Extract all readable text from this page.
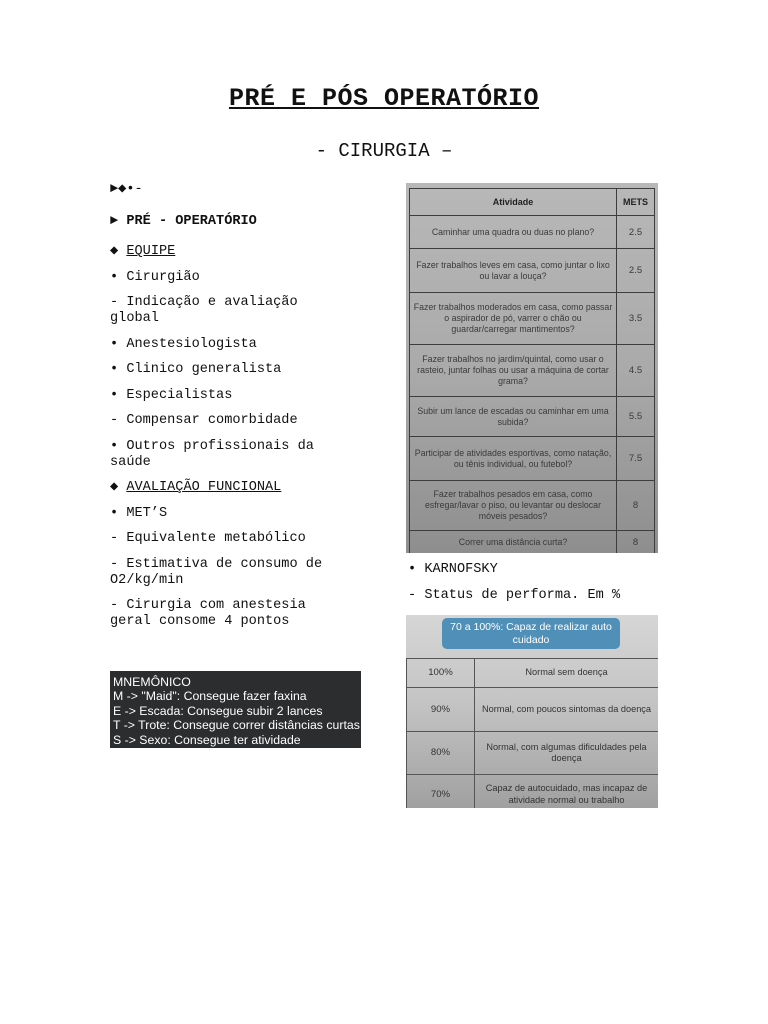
PRÉ E PÓS OPERATÓRIO
- CIRURGIA –

►◆•-

► PRÉ - OPERATÓRIO

◆ EQUIPE

• Cirurgião

- Indicação e avaliação global

• Anestesiologista

• Clinico generalista

• Especialistas

- Compensar comorbidade

• Outros profissionais da saúde

◆ AVALIAÇÃO FUNCIONAL

• MET’S

- Equivalente metabólico

- Estimativa de consumo de O2/kg/min

- Cirurgia com anestesia geral consome 4 pontos

MNEMÔNICO
M -> "Maid": Consegue fazer faxina
E -> Escada: Consegue subir 2 lances
T -> Trote: Consegue correr distâncias curtas
S -> Sexo: Consegue ter atividade
Atividade	METS
Caminhar uma quadra ou duas no plano?	2.5
Fazer trabalhos leves em casa, como juntar o lixo ou lavar a louça?	2.5
Fazer trabalhos moderados em casa, como passar o aspirador de pó, varrer o chão ou guardar/carregar mantimentos?	3.5
Fazer trabalhos no jardim/quintal, como usar o rasteio, juntar folhas ou usar a máquina de cortar grama?	4.5
Subir um lance de escadas ou caminhar em uma subida?	5.5
Participar de atividades esportivas, como natação, ou tênis individual, ou futebol?	7.5
Fazer trabalhos pesados em casa, como esfregar/lavar o piso, ou levantar ou deslocar móveis pesados?	8
Correr uma distância curta?	8

• KARNOFSKY

- Status de performa. Em %

70 a 100%: Capaz de realizar auto cuidado
100%	Normal sem doença
90%	Normal, com poucos sintomas da doença
80%	Normal, com algumas dificuldades pela doença
70%	Capaz de autocuidado, mas incapaz de atividade normal ou trabalho
